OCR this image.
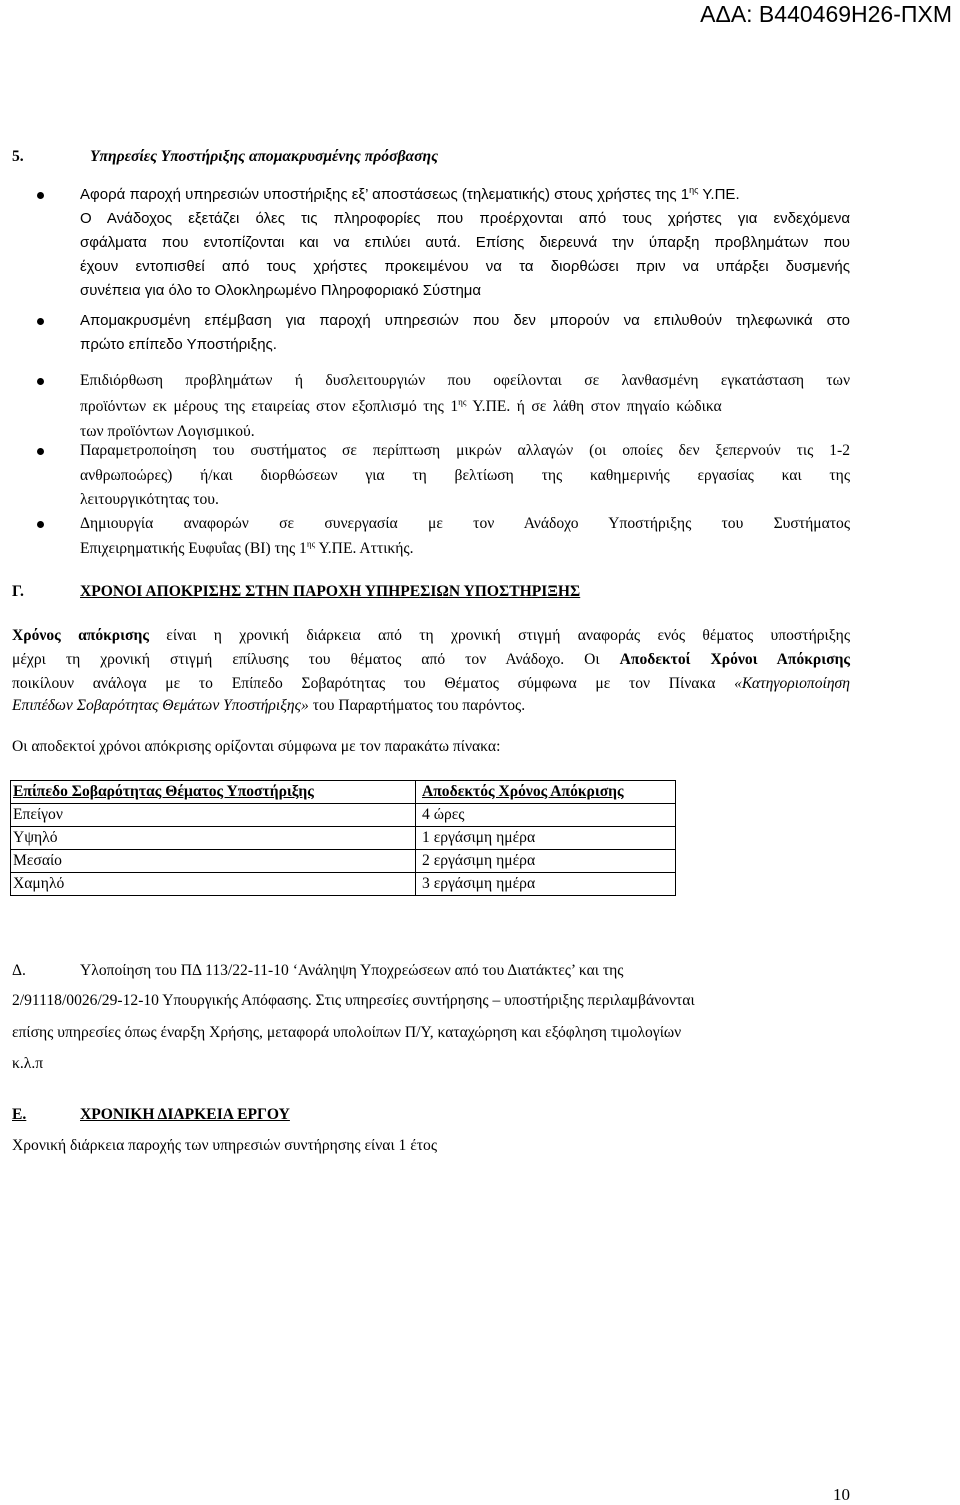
ΑΔΑ: Β440469Η26-ΠΧΜ
5.	Υπηρεσίες Υποστήριξης απομακρυσμένης πρόσβασης
Αφορά παροχή υπηρεσιών υποστήριξης εξ’ αποστάσεως (τηλεματικής) στους χρήστες της $1^{\eta\varsigma}$ Υ.ΠΕ.
Ο Ανάδοχος εξετάζει όλες τις πληροφορίες που προέρχονται από τους χρήστες για ενδεχόμενα
σφάλματα που εντοπίζονται και να επιλύει αυτά. Επίσης διερευνά την ύπαρξη προβλημάτων που
έχουν εντοπισθεί από τους χρήστες προκειμένου να τα διορθώσει πριν να υπάρξει δυσμενής
συνέπεια για όλο το Ολοκληρωμένο Πληροφοριακό Σύστημα
Απομακρυσμένη επέμβαση για παροχή υπηρεσιών που δεν μπορούν να επιλυθούν τηλεφωνικά στο
πρώτο επίπεδο Υποστήριξης.
Επιδιόρθωση προβλημάτων ή δυσλειτουργιών που οφείλονται σε λανθασμένη εγκατάσταση των
προϊόντων εκ μέρους της εταιρείας στον εξοπλισμό της $1^{\eta\varsigma}$ Υ.ΠΕ. ή σε λάθη στον πηγαίο κώδικα
των προϊόντων Λογισμικού.
Παραμετροποίηση του συστήματος σε περίπτωση μικρών αλλαγών (οι οποίες δεν ξεπερνούν τις 1-2
ανθρωποώρες) ή/και διορθώσεων για τη βελτίωση της καθημερινής εργασίας και της
λειτουργικότητας του.
Δημιουργία αναφορών σε συνεργασία με τον Ανάδοχο Υποστήριξης του Συστήματος
Επιχειρηματικής Ευφυΐας (BI) της $1^{\eta\varsigma}$ Υ.ΠΕ. Αττικής.
Γ.	ΧΡΟΝΟΙ ΑΠΟΚΡΙΣΗΣ ΣΤΗΝ ΠΑΡΟΧΗ ΥΠΗΡΕΣΙΩΝ ΥΠΟΣΤΗΡΙΞΗΣ
Χρόνος απόκρισης είναι η χρονική διάρκεια από τη χρονική στιγμή αναφοράς ενός θέματος υποστήριξης
μέχρι τη χρονική στιγμή επίλυσης του θέματος από τον Ανάδοχο. Οι Αποδεκτοί Χρόνοι Απόκρισης
ποικίλουν ανάλογα με το Επίπεδο Σοβαρότητας του Θέματος σύμφωνα με τον Πίνακα «Κατηγοριοποίηση
Επιπέδων Σοβαρότητας Θεμάτων Υποστήριξης» του Παραρτήματος του παρόντος.
Οι αποδεκτοί χρόνοι απόκρισης ορίζονται σύμφωνα με τον παρακάτω πίνακα:
Επίπεδο Σοβαρότητας Θέματος Υποστήριξης	Αποδεκτός Χρόνος Απόκρισης
Επείγον	4 ώρες
Υψηλό	1 εργάσιμη ημέρα
Μεσαίο	2 εργάσιμη ημέρα
Χαμηλό	3 εργάσιμη ημέρα
Δ.	Υλοποίηση του ΠΔ 113/22-11-10 ‘Ανάληψη Υποχρεώσεων από του Διατάκτες’ και της
2/91118/0026/29-12-10 Υπουργικής Απόφασης. Στις υπηρεσίες συντήρησης – υποστήριξης περιλαμβάνονται
επίσης υπηρεσίες όπως έναρξη Χρήσης, μεταφορά υπολοίπων Π/Υ, καταχώρηση και εξόφληση τιμολογίων
κ.λ.π
Ε.	ΧΡΟΝΙΚΗ ΔΙΑΡΚΕΙΑ ΕΡΓΟΥ
Χρονική διάρκεια παροχής των υπηρεσιών συντήρησης είναι 1 έτος
10
